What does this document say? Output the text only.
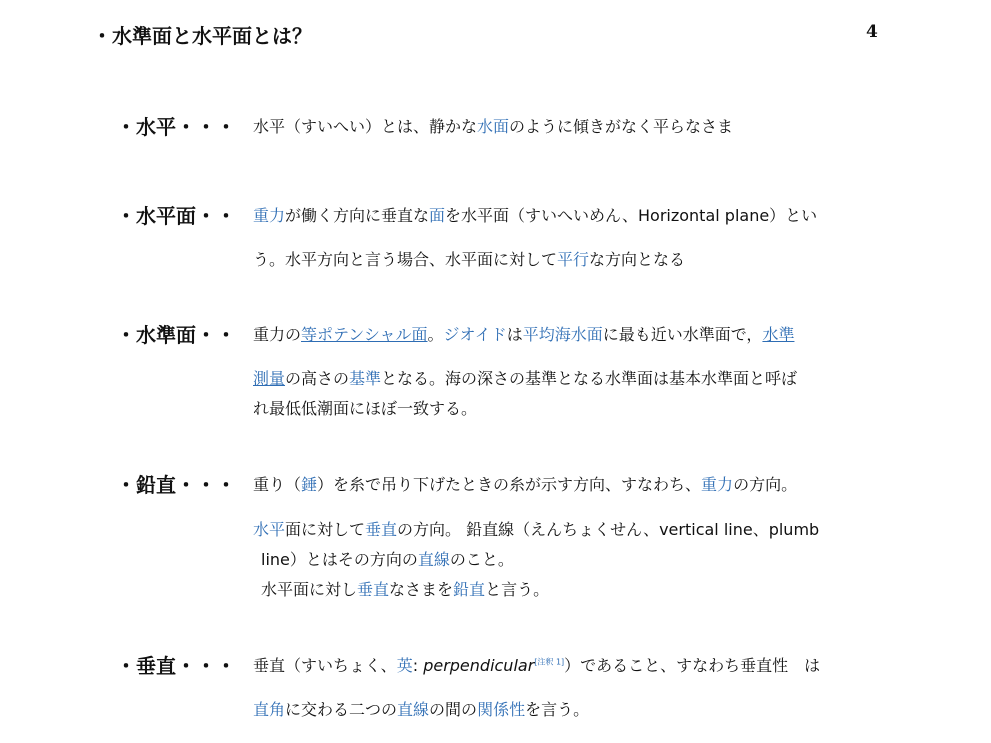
・水準面と水平面とは？	4
・水平・・・ 水平（すいへい）とは、静かな水面のように傾きがなく平らなさま
・水平面・・ 重力が働く方向に垂直な面を水平面（すいへいめん、Horizontal plane）とい
う。水平方向と言う場合、水平面に対して平行な方向となる
・水準面・・ 重力の等ポテンシャル面。ジオイドは平均海水面に最も近い水準面で，水準
測量の高さの基準となる。海の深さの基準となる水準面は基本水準面と呼ば
れ最低低潮面にほぼ一致する。
・鉛直・・・ 重り（錘）を糸で吊り下げたときの糸が示す方向、すなわち、重力の方向。
水平面に対して垂直の方向。 鉛直線（えんちょくせん、vertical line、plumb
line）とはその方向の直線のこと。
水平面に対し垂直なさまを鉛直と言う。
・垂直・・・ 垂直（すいちょく、英: perpendicular[注釈 1]）であること、すなわち垂直性　は
直角に交わる二つの直線の間の関係性を言う。
